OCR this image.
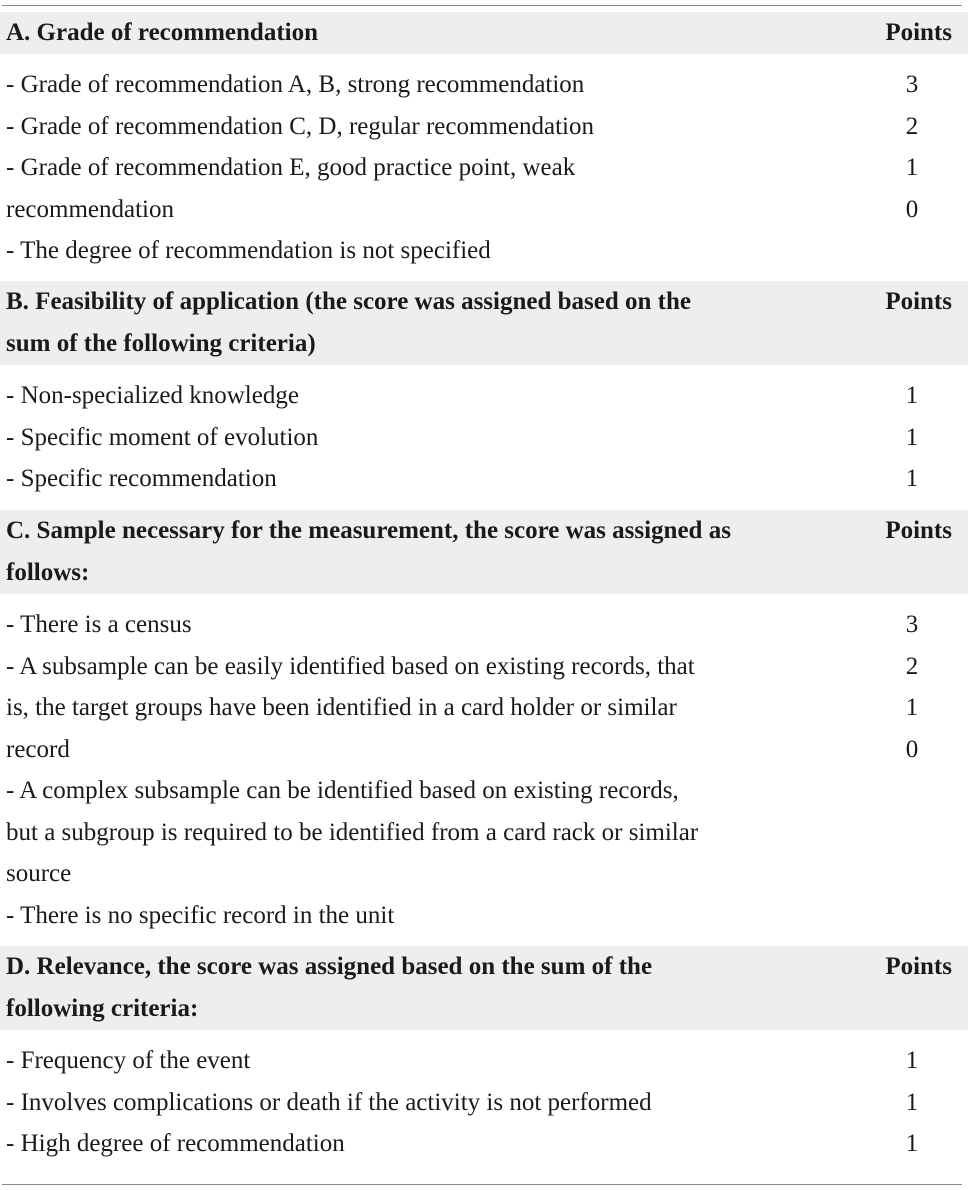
A. Grade of recommendation	Points
- Grade of recommendation A, B, strong recommendation
- Grade of recommendation C, D, regular recommendation
- Grade of recommendation E, good practice point, weak
recommendation
- The degree of recommendation is not specified
3
2
1
0
B. Feasibility of application (the score was assigned based on the
sum of the following criteria)
Points
- Non-specialized knowledge
- Specific moment of evolution
- Specific recommendation
1
1
1
C. Sample necessary for the measurement, the score was assigned as
follows:
Points
- There is a census
- A subsample can be easily identified based on existing records, that
is, the target groups have been identified in a card holder or similar
record
- A complex subsample can be identified based on existing records,
but a subgroup is required to be identified from a card rack or similar
source
- There is no specific record in the unit
3
2
1
0
D. Relevance, the score was assigned based on the sum of the
following criteria:
Points
- Frequency of the event
- Involves complications or death if the activity is not performed
- High degree of recommendation
1
1
1
